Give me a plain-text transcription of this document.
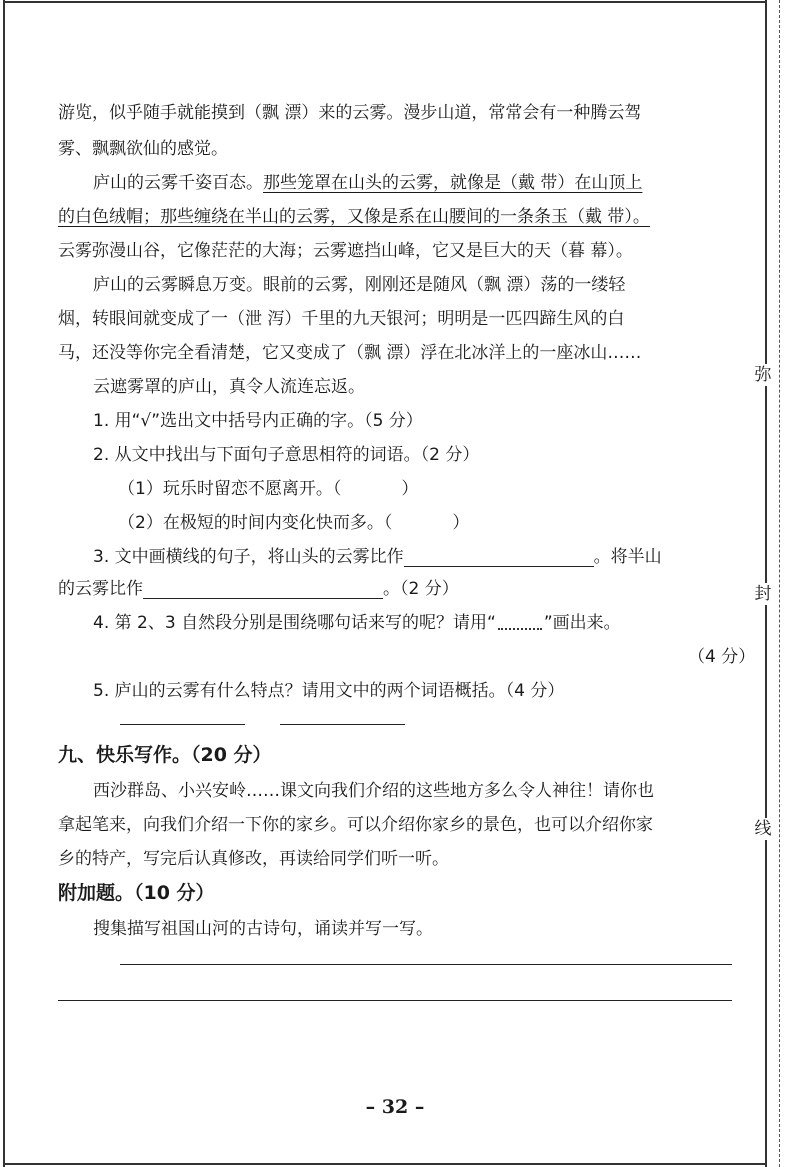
弥
封
线
游览，似乎随手就能摸到（飘 漂）来的云雾。漫步山道，常常会有一种腾云驾
雾、飘飘欲仙的感觉。
庐山的云雾千姿百态。那些笼罩在山头的云雾，就像是（戴 带）在山顶上
的白色绒帽；那些缠绕在半山的云雾，又像是系在山腰间的一条条玉（戴 带）。
云雾弥漫山谷，它像茫茫的大海；云雾遮挡山峰，它又是巨大的天（暮 幕）。
庐山的云雾瞬息万变。眼前的云雾，刚刚还是随风（飘 漂）荡的一缕轻
烟，转眼间就变成了一（泄 泻）千里的九天银河；明明是一匹四蹄生风的白
马，还没等你完全看清楚，它又变成了（飘 漂）浮在北冰洋上的一座冰山……
云遮雾罩的庐山，真令人流连忘返。
1. 用“√”选出文中括号内正确的字。（5 分）
2. 从文中找出与下面句子意思相符的词语。（2 分）
（1）玩乐时留恋不愿离开。（	）
（2）在极短的时间内变化快而多。（	）
3. 文中画横线的句子，将山头的云雾比作	。将半山
的云雾比作	。（2 分）
4. 第 2、3 自然段分别是围绕哪句话来写的呢？请用“	”画出来。
（4 分）
5. 庐山的云雾有什么特点？请用文中的两个词语概括。（4 分）
九、快乐写作。（20 分）
西沙群岛、小兴安岭……课文向我们介绍的这些地方多么令人神往！请你也
拿起笔来，向我们介绍一下你的家乡。可以介绍你家乡的景色，也可以介绍你家
乡的特产，写完后认真修改，再读给同学们听一听。
附加题。（10 分）
搜集描写祖国山河的古诗句，诵读并写一写。
– 32 –
